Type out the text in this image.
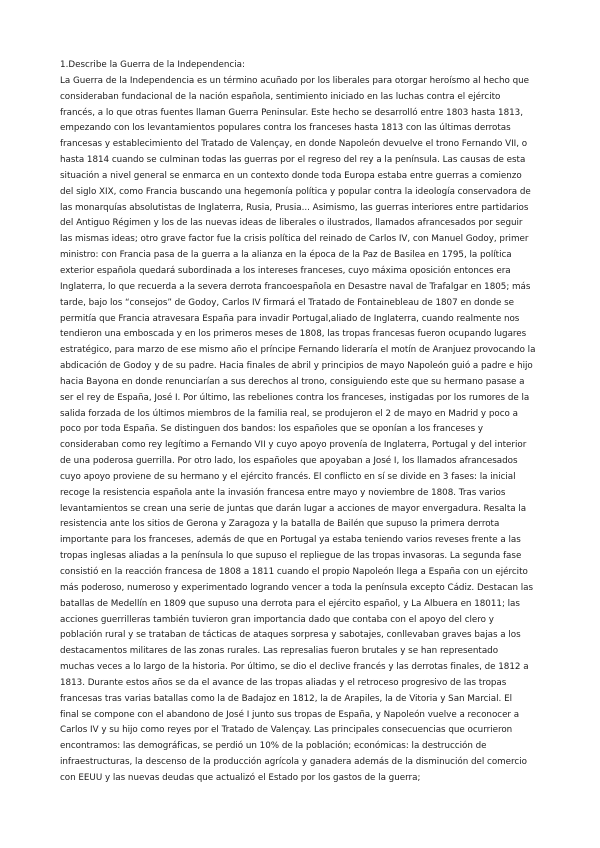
1.Describe la Guerra de la Independencia:

La Guerra de la Independencia es un término acuñado por los liberales para otorgar heroísmo al hecho que
consideraban fundacional de la nación española, sentimiento iniciado en las luchas contra el ejército
francés, a lo que otras fuentes llaman Guerra Peninsular. Este hecho se desarrolló entre 1803 hasta 1813,
empezando con los levantamientos populares contra los franceses hasta 1813 con las últimas derrotas
francesas y establecimiento del Tratado de Valençay, en donde Napoleón devuelve el trono Fernando VII, o
hasta 1814 cuando se culminan todas las guerras por el regreso del rey a la península. Las causas de esta
situación a nivel general se enmarca en un contexto donde toda Europa estaba entre guerras a comienzo
del siglo XIX, como Francia buscando una hegemonía política y popular contra la ideología conservadora de
las monarquías absolutistas de Inglaterra, Rusia, Prusia... Asimismo, las guerras interiores entre partidarios
del Antiguo Régimen y los de las nuevas ideas de liberales o ilustrados, llamados afrancesados por seguir
las mismas ideas; otro grave factor fue la crisis política del reinado de Carlos IV, con Manuel Godoy, primer
ministro: con Francia pasa de la guerra a la alianza en la época de la Paz de Basilea en 1795, la política
exterior española quedará subordinada a los intereses franceses, cuyo máxima oposición entonces era
Inglaterra, lo que recuerda a la severa derrota francoespañola en Desastre naval de Trafalgar en 1805; más
tarde, bajo los “consejos” de Godoy, Carlos IV firmará el Tratado de Fontainebleau de 1807 en donde se
permitía que Francia atravesara España para invadir Portugal,aliado de Inglaterra, cuando realmente nos
tendieron una emboscada y en los primeros meses de 1808, las tropas francesas fueron ocupando lugares
estratégico, para marzo de ese mismo año el príncipe Fernando lideraría el motín de Aranjuez provocando la
abdicación de Godoy y de su padre. Hacia finales de abril y principios de mayo Napoleón guió a padre e hijo
hacia Bayona en donde renunciarían a sus derechos al trono, consiguiendo este que su hermano pasase a
ser el rey de España, José I. Por último, las rebeliones contra los franceses, instigadas por los rumores de la
salida forzada de los últimos miembros de la familia real, se produjeron el 2 de mayo en Madrid y poco a
poco por toda España. Se distinguen dos bandos: los españoles que se oponían a los franceses y
consideraban como rey legítimo a Fernando VII y cuyo apoyo provenía de Inglaterra, Portugal y del interior
de una poderosa guerrilla. Por otro lado, los españoles que apoyaban a José I, los llamados afrancesados
cuyo apoyo proviene de su hermano y el ejército francés. El conflicto en sí se divide en 3 fases: la inicial
recoge la resistencia española ante la invasión francesa entre mayo y noviembre de 1808. Tras varios
levantamientos se crean una serie de juntas que darán lugar a acciones de mayor envergadura. Resalta la
resistencia ante los sitios de Gerona y Zaragoza y la batalla de Bailén que supuso la primera derrota
importante para los franceses, además de que en Portugal ya estaba teniendo varios reveses frente a las
tropas inglesas aliadas a la península lo que supuso el repliegue de las tropas invasoras. La segunda fase
consistió en la reacción francesa de 1808 a 1811 cuando el propio Napoleón llega a España con un ejército
más poderoso, numeroso y experimentado logrando vencer a toda la península excepto Cádiz. Destacan las
batallas de Medellín en 1809 que supuso una derrota para el ejército español, y La Albuera en 18011; las
acciones guerrilleras también tuvieron gran importancia dado que contaba con el apoyo del clero y
población rural y se trataban de tácticas de ataques sorpresa y sabotajes, conllevaban graves bajas a los
destacamentos militares de las zonas rurales. Las represalias fueron brutales y se han representado
muchas veces a lo largo de la historia. Por último, se dio el declive francés y las derrotas finales, de 1812 a
1813. Durante estos años se da el avance de las tropas aliadas y el retroceso progresivo de las tropas
francesas tras varias batallas como la de Badajoz en 1812, la de Arapiles, la de Vitoria y San Marcial. El
final se compone con el abandono de José I junto sus tropas de España, y Napoleón vuelve a reconocer a
Carlos IV y su hijo como reyes por el Tratado de Valençay. Las principales consecuencias que ocurrieron
encontramos: las demográficas, se perdió un 10% de la población; económicas: la destrucción de
infraestructuras, la descenso de la producción agrícola y ganadera además de la disminución del comercio
con EEUU y las nuevas deudas que actualizó el Estado por los gastos de la guerra;
